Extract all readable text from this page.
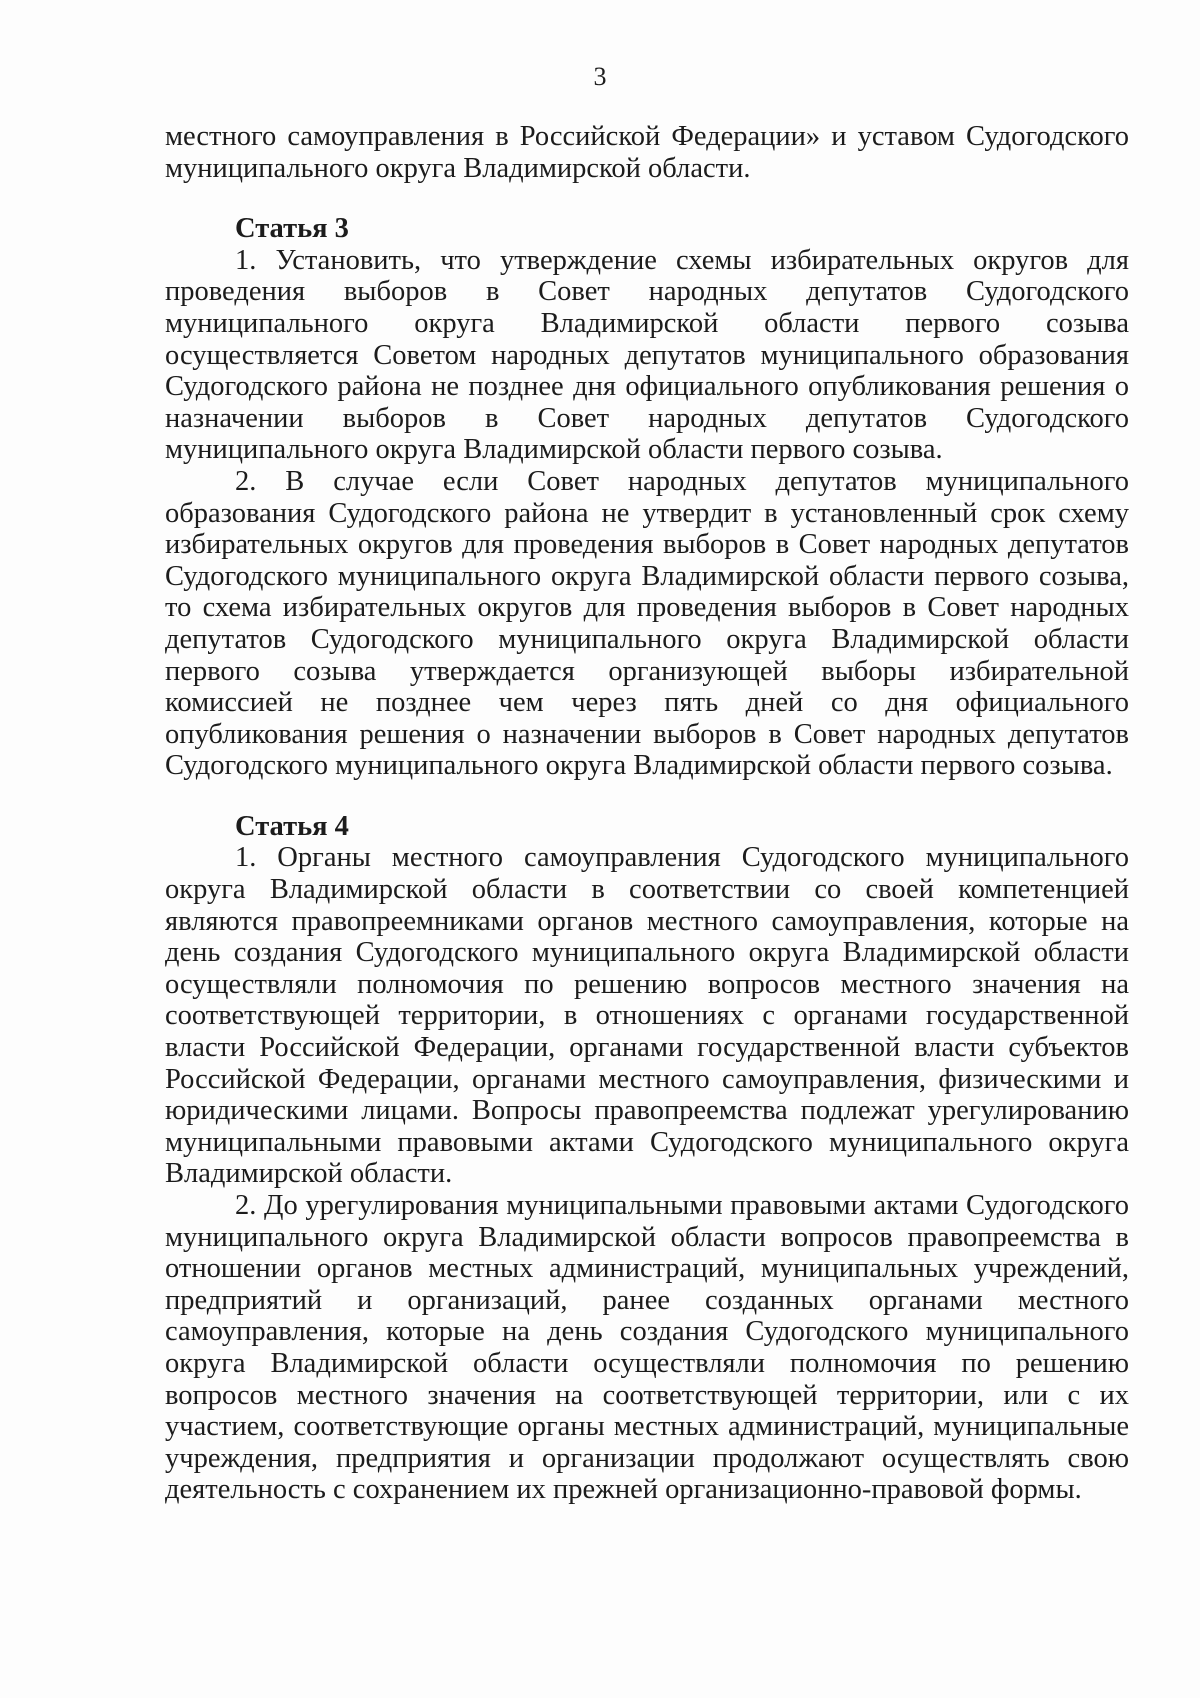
3

местного самоуправления в Российской Федерации» и уставом Судогодского муниципального округа Владимирской области.

Статья 3

1. Установить, что утверждение схемы избирательных округов для проведения выборов в Совет народных депутатов Судогодского муниципального округа Владимирской области первого созыва осуществляется Советом народных депутатов муниципального образования Судогодского района не позднее дня официального опубликования решения о назначении выборов в Совет народных депутатов Судогодского муниципального округа Владимирской области первого созыва.

2. В случае если Совет народных депутатов муниципального образования Судогодского района не утвердит в установленный срок схему избирательных округов для проведения выборов в Совет народных депутатов Судогодского муниципального округа Владимирской области первого созыва, то схема избирательных округов для проведения выборов в Совет народных депутатов Судогодского муниципального округа Владимирской области первого созыва утверждается организующей выборы избирательной комиссией не позднее чем через пять дней со дня официального опубликования решения о назначении выборов в Совет народных депутатов Судогодского муниципального округа Владимирской области первого созыва.

Статья 4

1. Органы местного самоуправления Судогодского муниципального округа Владимирской области в соответствии со своей компетенцией являются правопреемниками органов местного самоуправления, которые на день создания Судогодского муниципального округа Владимирской области осуществляли полномочия по решению вопросов местного значения на соответствующей территории, в отношениях с органами государственной власти Российской Федерации, органами государственной власти субъектов Российской Федерации, органами местного самоуправления, физическими и юридическими лицами. Вопросы правопреемства подлежат урегулированию муниципальными правовыми актами Судогодского муниципального округа Владимирской области.

2. До урегулирования муниципальными правовыми актами Судогодского муниципального округа Владимирской области вопросов правопреемства в отношении органов местных администраций, муниципальных учреждений, предприятий и организаций, ранее созданных органами местного самоуправления, которые на день создания Судогодского муниципального округа Владимирской области осуществляли полномочия по решению вопросов местного значения на соответствующей территории, или с их участием, соответствующие органы местных администраций, муниципальные учреждения, предприятия и организации продолжают осуществлять свою деятельность с сохранением их прежней организационно-правовой формы.
